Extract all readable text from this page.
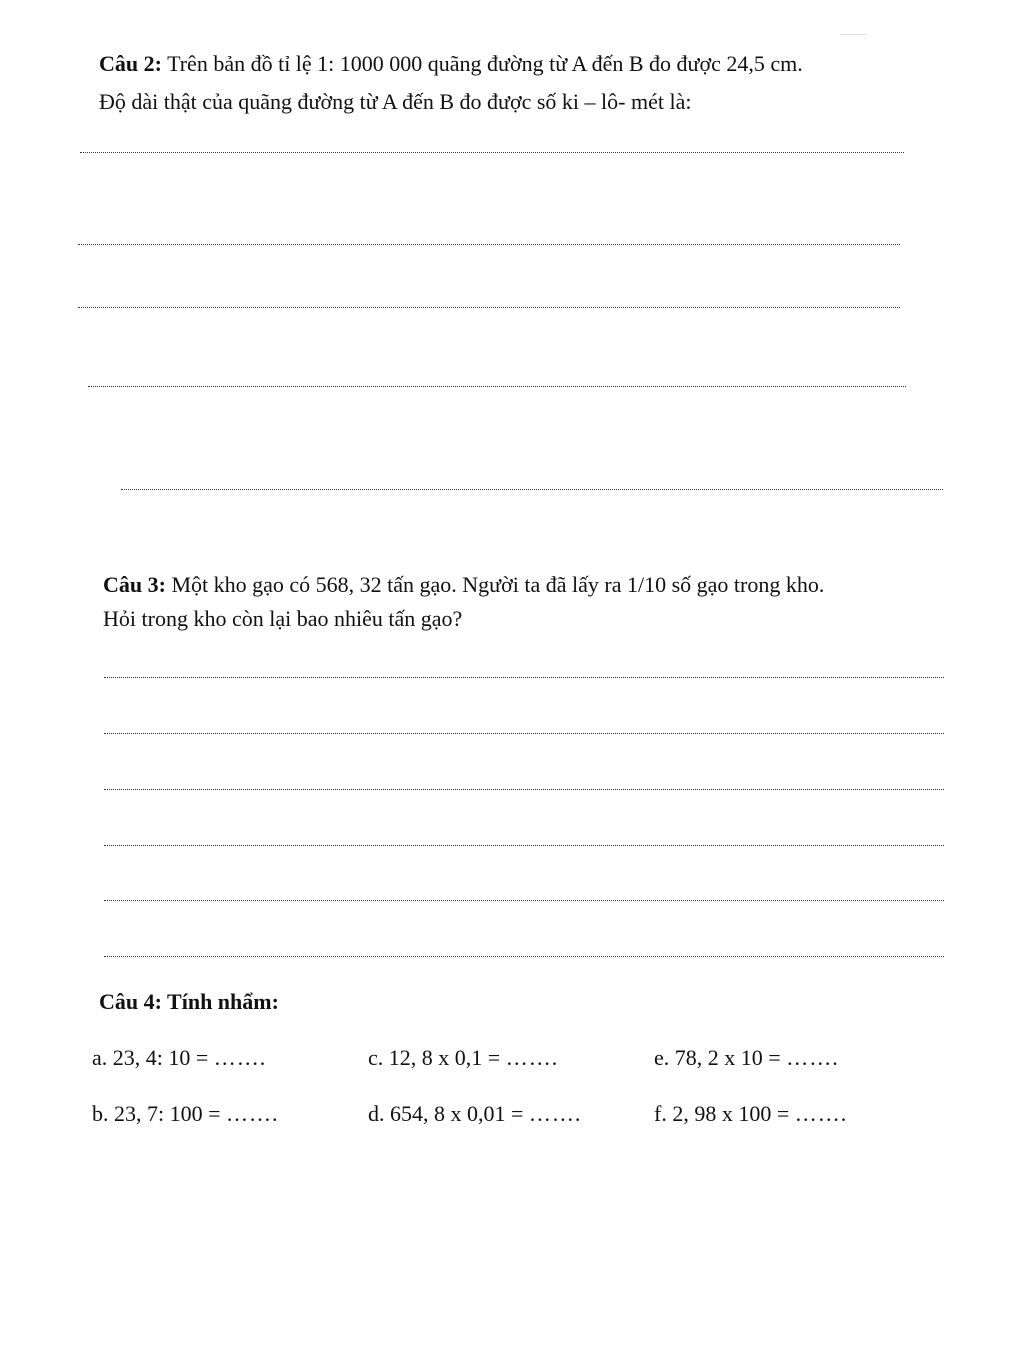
Câu 2: Trên bản đồ tỉ lệ 1: 1000 000 quãng đường từ A đến B đo được 24,5 cm.
Độ dài thật của quãng đường từ A đến B đo được số ki – lô- mét là:
Câu 3: Một kho gạo có 568, 32 tấn gạo. Người ta đã lấy ra 1/10 số gạo trong kho.
Hỏi trong kho còn lại bao nhiêu tấn gạo?
Câu 4: Tính nhẩm:
a. 23, 4: 10 = …….	c. 12, 8 x 0,1 = …….	e. 78, 2 x 10 = …….
b. 23, 7: 100 = …….	d. 654, 8 x 0,01 = …….	f. 2, 98 x 100 = …….
